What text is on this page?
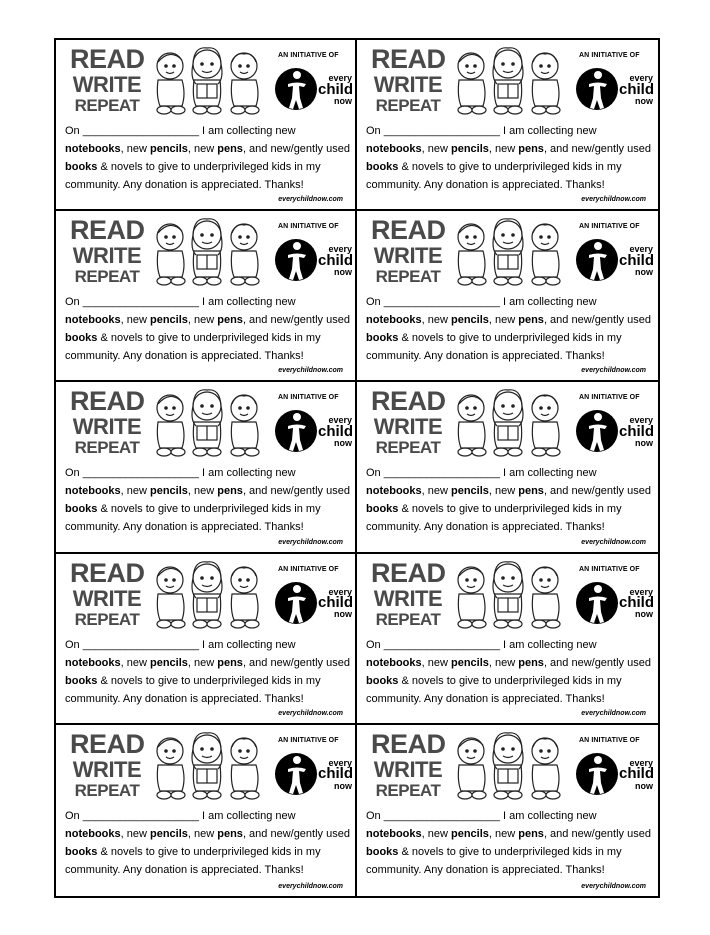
READ
WRITE
REPEAT
AN INITIATIVE OF
every
child
now
On ___________________ I am collecting new notebooks, new pencils, new pens, and new/gently used books & novels to give to underprivileged kids in my community. Any donation is appreciated. Thanks!
everychildnow.com
READ
WRITE
REPEAT
AN INITIATIVE OF
every
child
now
On ___________________ I am collecting new notebooks, new pencils, new pens, and new/gently used books & novels to give to underprivileged kids in my community. Any donation is appreciated. Thanks!
everychildnow.com
READ
WRITE
REPEAT
AN INITIATIVE OF
every
child
now
On ___________________ I am collecting new notebooks, new pencils, new pens, and new/gently used books & novels to give to underprivileged kids in my community. Any donation is appreciated. Thanks!
everychildnow.com
READ
WRITE
REPEAT
AN INITIATIVE OF
every
child
now
On ___________________ I am collecting new notebooks, new pencils, new pens, and new/gently used books & novels to give to underprivileged kids in my community. Any donation is appreciated. Thanks!
everychildnow.com
READ
WRITE
REPEAT
AN INITIATIVE OF
every
child
now
On ___________________ I am collecting new notebooks, new pencils, new pens, and new/gently used books & novels to give to underprivileged kids in my community. Any donation is appreciated. Thanks!
everychildnow.com
READ
WRITE
REPEAT
AN INITIATIVE OF
every
child
now
On ___________________ I am collecting new notebooks, new pencils, new pens, and new/gently used books & novels to give to underprivileged kids in my community. Any donation is appreciated. Thanks!
everychildnow.com
READ
WRITE
REPEAT
AN INITIATIVE OF
every
child
now
On ___________________ I am collecting new notebooks, new pencils, new pens, and new/gently used books & novels to give to underprivileged kids in my community. Any donation is appreciated. Thanks!
everychildnow.com
READ
WRITE
REPEAT
AN INITIATIVE OF
every
child
now
On ___________________ I am collecting new notebooks, new pencils, new pens, and new/gently used books & novels to give to underprivileged kids in my community. Any donation is appreciated. Thanks!
everychildnow.com
READ
WRITE
REPEAT
AN INITIATIVE OF
every
child
now
On ___________________ I am collecting new notebooks, new pencils, new pens, and new/gently used books & novels to give to underprivileged kids in my community. Any donation is appreciated. Thanks!
everychildnow.com
READ
WRITE
REPEAT
AN INITIATIVE OF
every
child
now
On ___________________ I am collecting new notebooks, new pencils, new pens, and new/gently used books & novels to give to underprivileged kids in my community. Any donation is appreciated. Thanks!
everychildnow.com
